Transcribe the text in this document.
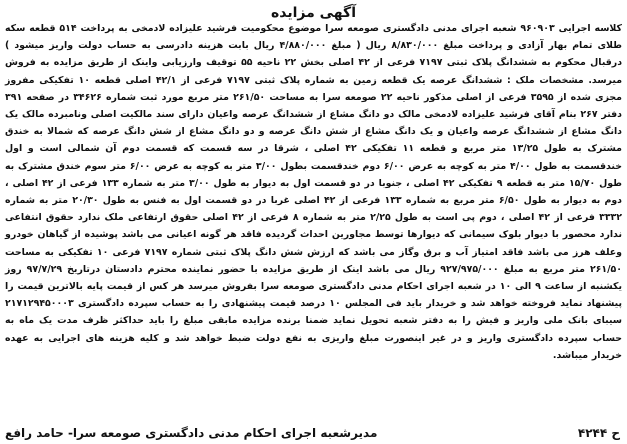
آگهی مزایده

کلاسه اجرایی ۹۶۰۹۰۳ شعبه اجرای مدنی دادگستری صومعه سرا موضوع محکومیت فرشید علیزاده لادمخی به پرداخت ۵۱۴ قطعه سکه طلای تمام بهار آزادی و پرداخت مبلغ ۸/۸۳۰/۰۰۰ ریال ( مبلغ ۴/۸۸۰/۰۰۰ ریال بابت هزینه دادرسی به حساب دولت واریز میشود ) درقبال محکوم به ششدانگ پلاک ثبتی ۷۱۹۷ فرعی از ۴۲ اصلی بخش ۲۲ ناحیه ۵۵ توقیف وارزیابی واینک از طریق مزایده به فروش میرسد. مشخصات ملک : ششدانگ عرصه یک قطعه زمین به شماره پلاک ثبتی ۷۱۹۷ فرعی از ۴۲/۱ اصلی قطعه ۱۰ تفکیکی مفروز مجزی شده از ۳۵۹۵ فرعی از اصلی مذکور ناحیه ۲۲ صومعه سرا به مساحت ۲۶۱/۵۰ متر مربع مورد ثبت شماره ۳۴۶۲۶ در صفحه ۳۹۱ دفتر ۲۶۷ بنام آقای فرشید علیزاده لادمخی مالک دو دانگ مشاع از ششدانگ عرصه واعیان دارای سند مالکیت اصلی ونامبرده مالک یک دانگ مشاع از ششدانگ عرصه واعیان و یک دانگ مشاع از شش دانگ عرصه و دو دانگ مشاع از شش دانگ عرصه که شمالا به خندق مشترک به طول ۱۳/۲۵ متر مربع و قطعه ۱۱ تفکیکی ۴۲ اصلی ، شرقا در سه قسمت که قسمت دوم آن شمالی است و اول خندقسمت به طول ۴/۰۰ متر به کوچه به عرض ۶/۰۰ دوم خندقسمت بطول ۳/۰۰ متر به کوچه به عرض ۶/۰۰ متر سوم خندق مشترک به طول ۱۵/۷۰ متر به قطعه ۹ تفکیکی ۴۲ اصلی ، جنوبا در دو قسمت اول به دیوار به طول ۳/۰۰ متر به شماره ۱۳۳ فرعی از ۴۲ اصلی ، دوم به دیوار به طول ۶/۵۰ متر مربع به شماره ۱۳۳ فرعی از ۴۲ اصلی غربا در دو قسمت اول به فنس به طول ۲۰/۳۰ متر به شماره ۳۳۳۲ فرعی از ۴۲ اصلی ، دوم پی است به طول ۲/۲۵ متر به شماره ۸ فرعی از ۴۲ اصلی حقوق ارتفاعی ملک ندارد حقوق انتفاعی ندارد محصور با دیوار بلوک سیمانی که دیوارها توسط مجاورین احداث گردیده فاقد هر گونه اعیانی می باشد پوشیده از گیاهان خودرو وعلف هرز می باشد فاقد امتیاز آب و برق وگاز می باشد که ارزش شش دانگ پلاک ثبتی شماره ۷۱۹۷ فرعی ۱۰ تفکیکی به مساحت ۲۶۱/۵۰ متر مربع به مبلغ ۹۲۷/۹۷۵/۰۰۰ ریال می باشد اینک از طریق مزایده با حضور نماینده محترم دادستان درتاریخ ۹۷/۷/۲۹ روز یکشنبه از ساعت ۹ الی ۱۰ در شعبه اجرای احکام مدنی دادگستری صومعه سرا بفروش میرسد هر کس از قیمت پایه بالاترین قیمت را پیشنهاد نماید فروخته خواهد شد و خریدار باید فی المجلس ۱۰ درصد قیمت پیشنهادی را به حساب سپرده دادگستری ۲۱۷۱۲۹۴۵۰۰۰۳ سیبای بانک ملی واریز و فیش را به دفتر شعبه تحویل نماید ضمنا برنده مزایده مابقی مبلغ را باید حداکثر ظرف مدت یک ماه به حساب سپرده دادگستری واریز و در غیر اینصورت مبلغ واریزی به نفع دولت ضبط خواهد شد و کلیه هزینه های اجرایی به عهده خریدار میباشد.

ح ۴۲۴۴
مدیرشعبه اجرای احکام مدنی دادگستری صومعه سرا- حامد رافع
